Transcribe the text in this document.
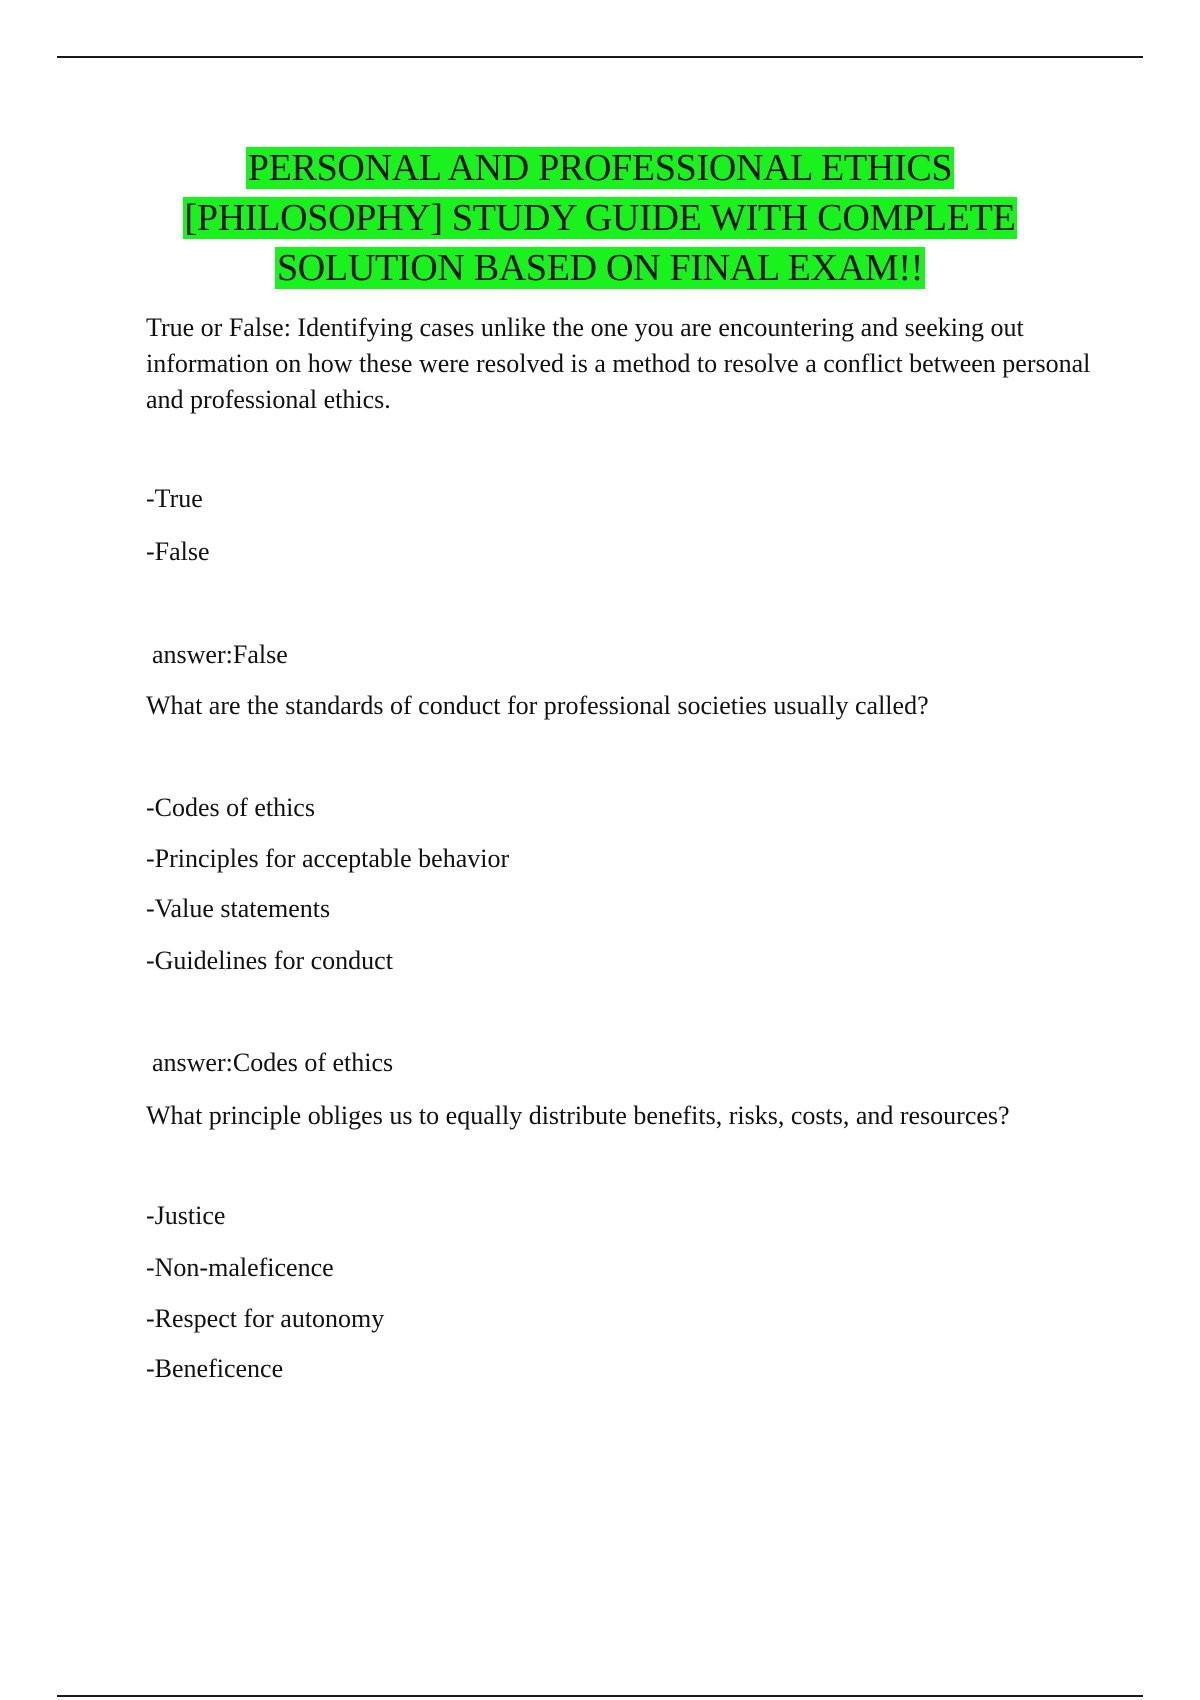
PERSONAL AND PROFESSIONAL ETHICS
[PHILOSOPHY] STUDY GUIDE WITH COMPLETE
SOLUTION BASED ON FINAL EXAM!!
True or False: Identifying cases unlike the one you are encountering and seeking out information on how these were resolved is a method to resolve a conflict between personal and professional ethics.
-True
-False
answer:False
What are the standards of conduct for professional societies usually called?
-Codes of ethics
-Principles for acceptable behavior
-Value statements
-Guidelines for conduct
answer:Codes of ethics
What principle obliges us to equally distribute benefits, risks, costs, and resources?
-Justice
-Non-maleficence
-Respect for autonomy
-Beneficence
